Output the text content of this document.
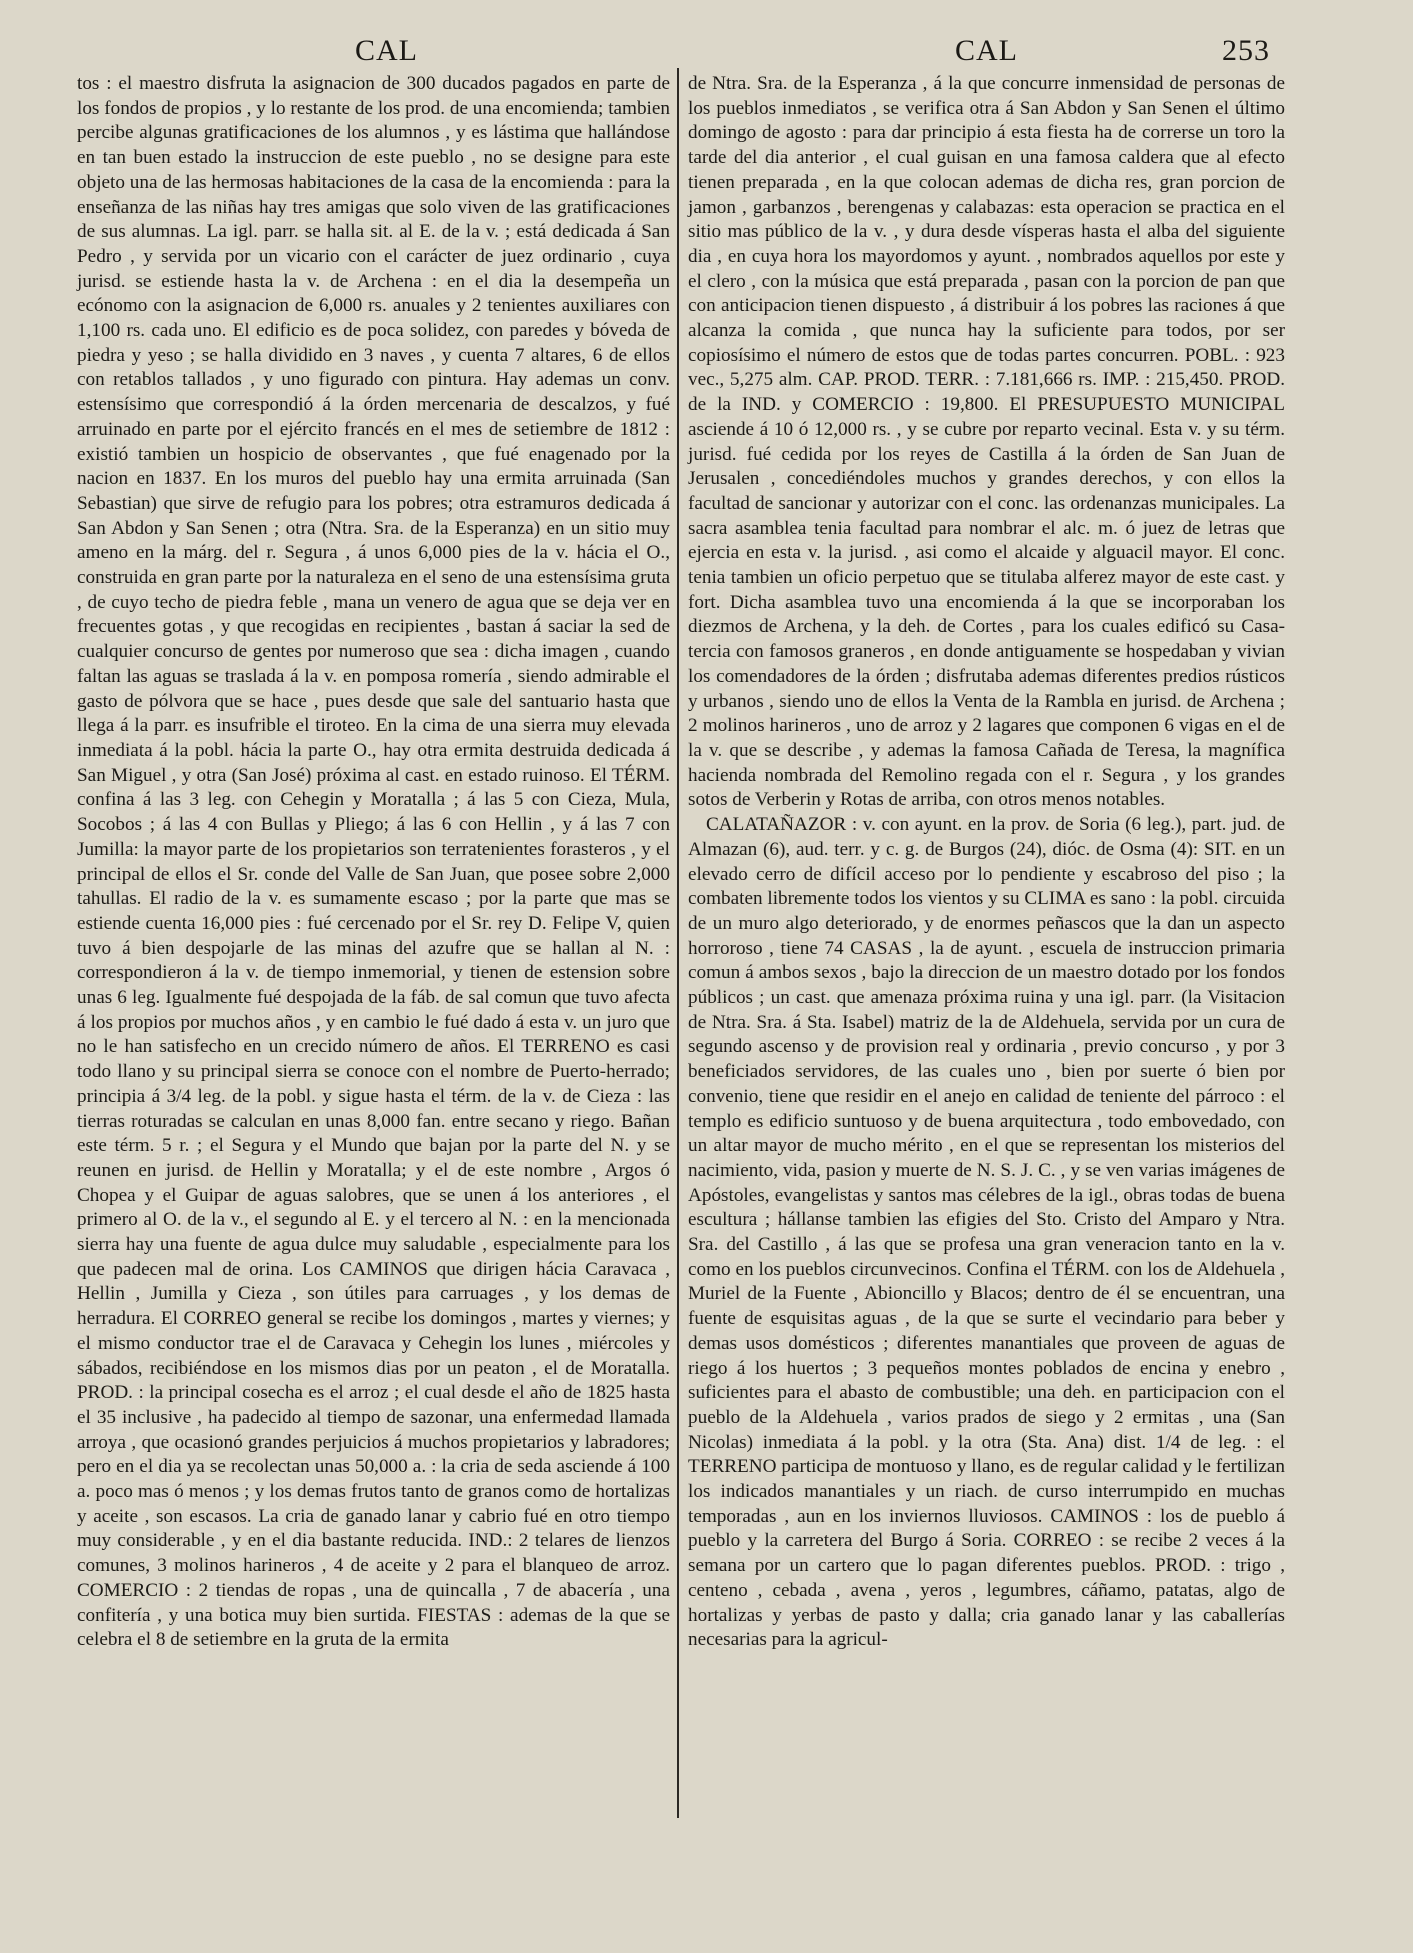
CAL	CAL	253

tos : el maestro disfruta la asignacion de 300 ducados pagados en parte de los fondos de propios , y lo restante de los prod. de una encomienda; tambien percibe algunas gratificaciones de los alumnos , y es lástima que hallándose en tan buen estado la instruccion de este pueblo , no se designe para este objeto una de las hermosas habitaciones de la casa de la encomienda : para la enseñanza de las niñas hay tres amigas que solo viven de las gratificaciones de sus alumnas. La igl. parr. se halla sit. al E. de la v. ; está dedicada á San Pedro , y servida por un vicario con el carácter de juez ordinario , cuya jurisd. se estiende hasta la v. de Archena : en el dia la desempeña un ecónomo con la asignacion de 6,000 rs. anuales y 2 tenientes auxiliares con 1,100 rs. cada uno. El edificio es de poca solidez, con paredes y bóveda de piedra y yeso ; se halla dividido en 3 naves , y cuenta 7 altares, 6 de ellos con retablos tallados , y uno figurado con pintura. Hay ademas un conv. estensísimo que correspondió á la órden mercenaria de descalzos, y fué arruinado en parte por el ejército francés en el mes de setiembre de 1812 : existió tambien un hospicio de observantes , que fué enagenado por la nacion en 1837. En los muros del pueblo hay una ermita arruinada (San Sebastian) que sirve de refugio para los pobres; otra estramuros dedicada á San Abdon y San Senen ; otra (Ntra. Sra. de la Esperanza) en un sitio muy ameno en la márg. del r. Segura , á unos 6,000 pies de la v. hácia el O., construida en gran parte por la naturaleza en el seno de una estensísima gruta , de cuyo techo de piedra feble , mana un venero de agua que se deja ver en frecuentes gotas , y que recogidas en recipientes , bastan á saciar la sed de cualquier concurso de gentes por numeroso que sea : dicha imagen , cuando faltan las aguas se traslada á la v. en pomposa romería , siendo admirable el gasto de pólvora que se hace , pues desde que sale del santuario hasta que llega á la parr. es insufrible el tiroteo. En la cima de una sierra muy elevada inmediata á la pobl. hácia la parte O., hay otra ermita destruida dedicada á San Miguel , y otra (San José) próxima al cast. en estado ruinoso. El TÉRM. confina á las 3 leg. con Cehegin y Moratalla ; á las 5 con Cieza, Mula, Socobos ; á las 4 con Bullas y Pliego; á las 6 con Hellin , y á las 7 con Jumilla: la mayor parte de los propietarios son terratenientes forasteros , y el principal de ellos el Sr. conde del Valle de San Juan, que posee sobre 2,000 tahullas. El radio de la v. es sumamente escaso ; por la parte que mas se estiende cuenta 16,000 pies : fué cercenado por el Sr. rey D. Felipe V, quien tuvo á bien despojarle de las minas del azufre que se hallan al N. : correspondieron á la v. de tiempo inmemorial, y tienen de estension sobre unas 6 leg. Igualmente fué despojada de la fáb. de sal comun que tuvo afecta á los propios por muchos años , y en cambio le fué dado á esta v. un juro que no le han satisfecho en un crecido número de años. El TERRENO es casi todo llano y su principal sierra se conoce con el nombre de Puerto-herrado; principia á 3/4 leg. de la pobl. y sigue hasta el térm. de la v. de Cieza : las tierras roturadas se calculan en unas 8,000 fan. entre secano y riego. Bañan este térm. 5 r. ; el Segura y el Mundo que bajan por la parte del N. y se reunen en jurisd. de Hellin y Moratalla; y el de este nombre , Argos ó Chopea y el Guipar de aguas salobres, que se unen á los anteriores , el primero al O. de la v., el segundo al E. y el tercero al N. : en la mencionada sierra hay una fuente de agua dulce muy saludable , especialmente para los que padecen mal de orina. Los CAMINOS que dirigen hácia Caravaca , Hellin , Jumilla y Cieza , son útiles para carruages , y los demas de herradura. El CORREO general se recibe los domingos , martes y viernes; y el mismo conductor trae el de Caravaca y Cehegin los lunes , miércoles y sábados, recibiéndose en los mismos dias por un peaton , el de Moratalla. PROD. : la principal cosecha es el arroz ; el cual desde el año de 1825 hasta el 35 inclusive , ha padecido al tiempo de sazonar, una enfermedad llamada arroya , que ocasionó grandes perjuicios á muchos propietarios y labradores; pero en el dia ya se recolectan unas 50,000 a. : la cria de seda asciende á 100 a. poco mas ó menos ; y los demas frutos tanto de granos como de hortalizas y aceite , son escasos. La cria de ganado lanar y cabrio fué en otro tiempo muy considerable , y en el dia bastante reducida. IND.: 2 telares de lienzos comunes, 3 molinos harineros , 4 de aceite y 2 para el blanqueo de arroz. COMERCIO : 2 tiendas de ropas , una de quincalla , 7 de abacería , una confitería , y una botica muy bien surtida. FIESTAS : ademas de la que se celebra el 8 de setiembre en la gruta de la ermita

de Ntra. Sra. de la Esperanza , á la que concurre inmensidad de personas de los pueblos inmediatos , se verifica otra á San Abdon y San Senen el último domingo de agosto : para dar principio á esta fiesta ha de correrse un toro la tarde del dia anterior , el cual guisan en una famosa caldera que al efecto tienen preparada , en la que colocan ademas de dicha res, gran porcion de jamon , garbanzos , berengenas y calabazas: esta operacion se practica en el sitio mas público de la v. , y dura desde vísperas hasta el alba del siguiente dia , en cuya hora los mayordomos y ayunt. , nombrados aquellos por este y el clero , con la música que está preparada , pasan con la porcion de pan que con anticipacion tienen dispuesto , á distribuir á los pobres las raciones á que alcanza la comida , que nunca hay la suficiente para todos, por ser copiosísimo el número de estos que de todas partes concurren. POBL. : 923 vec., 5,275 alm. CAP. PROD. TERR. : 7.181,666 rs. IMP. : 215,450. PROD. de la IND. y COMERCIO : 19,800. El PRESUPUESTO MUNICIPAL asciende á 10 ó 12,000 rs. , y se cubre por reparto vecinal. Esta v. y su térm. jurisd. fué cedida por los reyes de Castilla á la órden de San Juan de Jerusalen , concediéndoles muchos y grandes derechos, y con ellos la facultad de sancionar y autorizar con el conc. las ordenanzas municipales. La sacra asamblea tenia facultad para nombrar el alc. m. ó juez de letras que ejercia en esta v. la jurisd. , asi como el alcaide y alguacil mayor. El conc. tenia tambien un oficio perpetuo que se titulaba alferez mayor de este cast. y fort. Dicha asamblea tuvo una encomienda á la que se incorporaban los diezmos de Archena, y la deh. de Cortes , para los cuales edificó su Casa-tercia con famosos graneros , en donde antiguamente se hospedaban y vivian los comendadores de la órden ; disfrutaba ademas diferentes predios rústicos y urbanos , siendo uno de ellos la Venta de la Rambla en jurisd. de Archena ; 2 molinos harineros , uno de arroz y 2 lagares que componen 6 vigas en el de la v. que se describe , y ademas la famosa Cañada de Teresa, la magnífica hacienda nombrada del Remolino regada con el r. Segura , y los grandes sotos de Verberin y Rotas de arriba, con otros menos notables.

CALATAÑAZOR : v. con ayunt. en la prov. de Soria (6 leg.), part. jud. de Almazan (6), aud. terr. y c. g. de Burgos (24), dióc. de Osma (4): SIT. en un elevado cerro de difícil acceso por lo pendiente y escabroso del piso ; la combaten libremente todos los vientos y su CLIMA es sano : la pobl. circuida de un muro algo deteriorado, y de enormes peñascos que la dan un aspecto horroroso , tiene 74 CASAS , la de ayunt. , escuela de instruccion primaria comun á ambos sexos , bajo la direccion de un maestro dotado por los fondos públicos ; un cast. que amenaza próxima ruina y una igl. parr. (la Visitacion de Ntra. Sra. á Sta. Isabel) matriz de la de Aldehuela, servida por un cura de segundo ascenso y de provision real y ordinaria , previo concurso , y por 3 beneficiados servidores, de las cuales uno , bien por suerte ó bien por convenio, tiene que residir en el anejo en calidad de teniente del párroco : el templo es edificio suntuoso y de buena arquitectura , todo embovedado, con un altar mayor de mucho mérito , en el que se representan los misterios del nacimiento, vida, pasion y muerte de N. S. J. C. , y se ven varias imágenes de Apóstoles, evangelistas y santos mas célebres de la igl., obras todas de buena escultura ; hállanse tambien las efigies del Sto. Cristo del Amparo y Ntra. Sra. del Castillo , á las que se profesa una gran veneracion tanto en la v. como en los pueblos circunvecinos. Confina el TÉRM. con los de Aldehuela , Muriel de la Fuente , Abioncillo y Blacos; dentro de él se encuentran, una fuente de esquisitas aguas , de la que se surte el vecindario para beber y demas usos domésticos ; diferentes manantiales que proveen de aguas de riego á los huertos ; 3 pequeños montes poblados de encina y enebro , suficientes para el abasto de combustible; una deh. en participacion con el pueblo de la Aldehuela , varios prados de siego y 2 ermitas , una (San Nicolas) inmediata á la pobl. y la otra (Sta. Ana) dist. 1/4 de leg. : el TERRENO participa de montuoso y llano, es de regular calidad y le fertilizan los indicados manantiales y un riach. de curso interrumpido en muchas temporadas , aun en los inviernos lluviosos. CAMINOS : los de pueblo á pueblo y la carretera del Burgo á Soria. CORREO : se recibe 2 veces á la semana por un cartero que lo pagan diferentes pueblos. PROD. : trigo , centeno , cebada , avena , yeros , legumbres, cáñamo, patatas, algo de hortalizas y yerbas de pasto y dalla; cria ganado lanar y las caballerías necesarias para la agricul-
